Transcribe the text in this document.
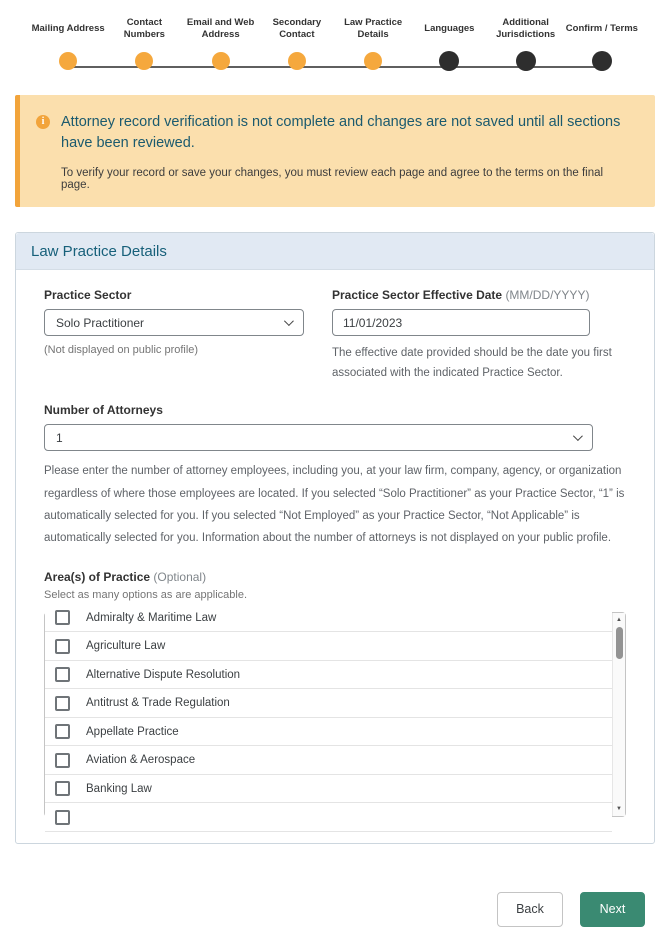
Mailing Address
Contact Numbers
Email and Web Address
Secondary Contact
Law Practice Details
Languages
Additional Jurisdictions
Confirm / Terms
i	Attorney record verification is not complete and changes are not saved until all sections have been reviewed.
To verify your record or save your changes, you must review each page and agree to the terms on the final page.
Law Practice Details
Practice Sector
Solo Practitioner
(Not displayed on public profile)
Practice Sector Effective Date (MM/DD/YYYY)
11/01/2023
The effective date provided should be the date you first associated with the indicated Practice Sector.
Number of Attorneys
1
Please enter the number of attorney employees, including you, at your law firm, company, agency, or organization regardless of where those employees are located. If you selected “Solo Practitioner” as your Practice Sector, “1” is automatically selected for you. If you selected “Not Employed” as your Practice Sector, “Not Applicable” is automatically selected for you. Information about the number of attorneys is not displayed on your public profile.
Area(s) of Practice (Optional)
Select as many options as are applicable.
Admiralty & Maritime Law
Agriculture Law
Alternative Dispute Resolution
Antitrust & Trade Regulation
Appellate Practice
Aviation & Aerospace
Banking Law
▲
▼
Back	Next
